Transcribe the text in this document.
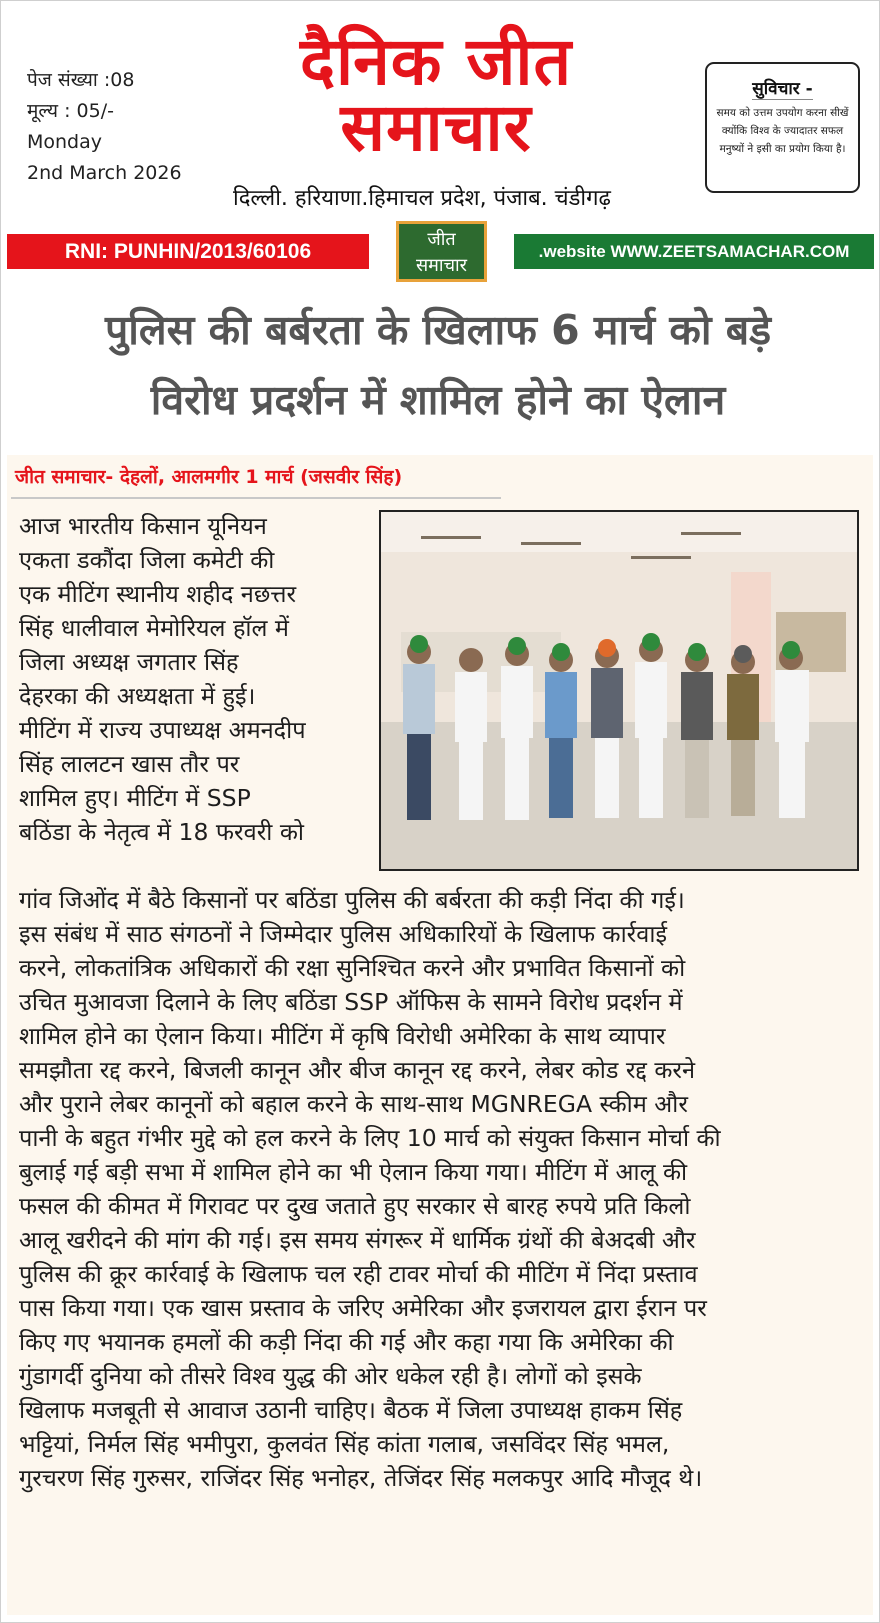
पेज संख्या :08
मूल्य : 05/-
Monday
2nd March 2026
दैनिक जीत
समाचार
दिल्ली. हरियाणा.हिमाचल प्रदेश, पंजाब. चंडीगढ़
सुविचार -
समय को उत्तम उपयोग करना सीखें क्योंकि विश्व के ज्यादातर सफल मनुष्यों ने इसी का प्रयोग किया है।
RNI: PUNHIN/2013/60106
जीत
समाचार
.website WWW.ZEETSAMACHAR.COM
पुलिस की बर्बरता के खिलाफ 6 मार्च को बड़े
विरोध प्रदर्शन में शामिल होने का ऐलान
जीत समाचार- देहलों, आलमगीर 1 मार्च (जसवीर सिंह)
आज भारतीय किसान यूनियन
एकता डकौंदा जिला कमेटी की
एक मीटिंग स्थानीय शहीद नछत्तर
सिंह धालीवाल मेमोरियल हॉल में
जिला अध्यक्ष जगतार सिंह
देहरका की अध्यक्षता में हुई।
मीटिंग में राज्य उपाध्यक्ष अमनदीप
सिंह लालटन खास तौर पर
शामिल हुए। मीटिंग में SSP
बठिंडा के नेतृत्व में 18 फरवरी को
गांव जिओंद में बैठे किसानों पर बठिंडा पुलिस की बर्बरता की कड़ी निंदा की गई।
इस संबंध में साठ संगठनों ने जिम्मेदार पुलिस अधिकारियों के खिलाफ कार्रवाई
करने, लोकतांत्रिक अधिकारों की रक्षा सुनिश्चित करने और प्रभावित किसानों को
उचित मुआवजा दिलाने के लिए बठिंडा SSP ऑफिस के सामने विरोध प्रदर्शन में
शामिल होने का ऐलान किया। मीटिंग में कृषि विरोधी अमेरिका के साथ व्यापार
समझौता रद्द करने, बिजली कानून और बीज कानून रद्द करने, लेबर कोड रद्द करने
और पुराने लेबर कानूनों को बहाल करने के साथ-साथ MGNREGA स्कीम और
पानी के बहुत गंभीर मुद्दे को हल करने के लिए 10 मार्च को संयुक्त किसान मोर्चा की
बुलाई गई बड़ी सभा में शामिल होने का भी ऐलान किया गया। मीटिंग में आलू की
फसल की कीमत में गिरावट पर दुख जताते हुए सरकार से बारह रुपये प्रति किलो
आलू खरीदने की मांग की गई। इस समय संगरूर में धार्मिक ग्रंथों की बेअदबी और
पुलिस की क्रूर कार्रवाई के खिलाफ चल रही टावर मोर्चा की मीटिंग में निंदा प्रस्ताव
पास किया गया। एक खास प्रस्ताव के जरिए अमेरिका और इजरायल द्वारा ईरान पर
किए गए भयानक हमलों की कड़ी निंदा की गई और कहा गया कि अमेरिका की
गुंडागर्दी दुनिया को तीसरे विश्व युद्ध की ओर धकेल रही है। लोगों को इसके
खिलाफ मजबूती से आवाज उठानी चाहिए। बैठक में जिला उपाध्यक्ष हाकम सिंह
भट्टियां, निर्मल सिंह भमीपुरा, कुलवंत सिंह कांता गलाब, जसविंदर सिंह भमल,
गुरचरण सिंह गुरुसर, राजिंदर सिंह भनोहर, तेजिंदर सिंह मलकपुर आदि मौजूद थे।
